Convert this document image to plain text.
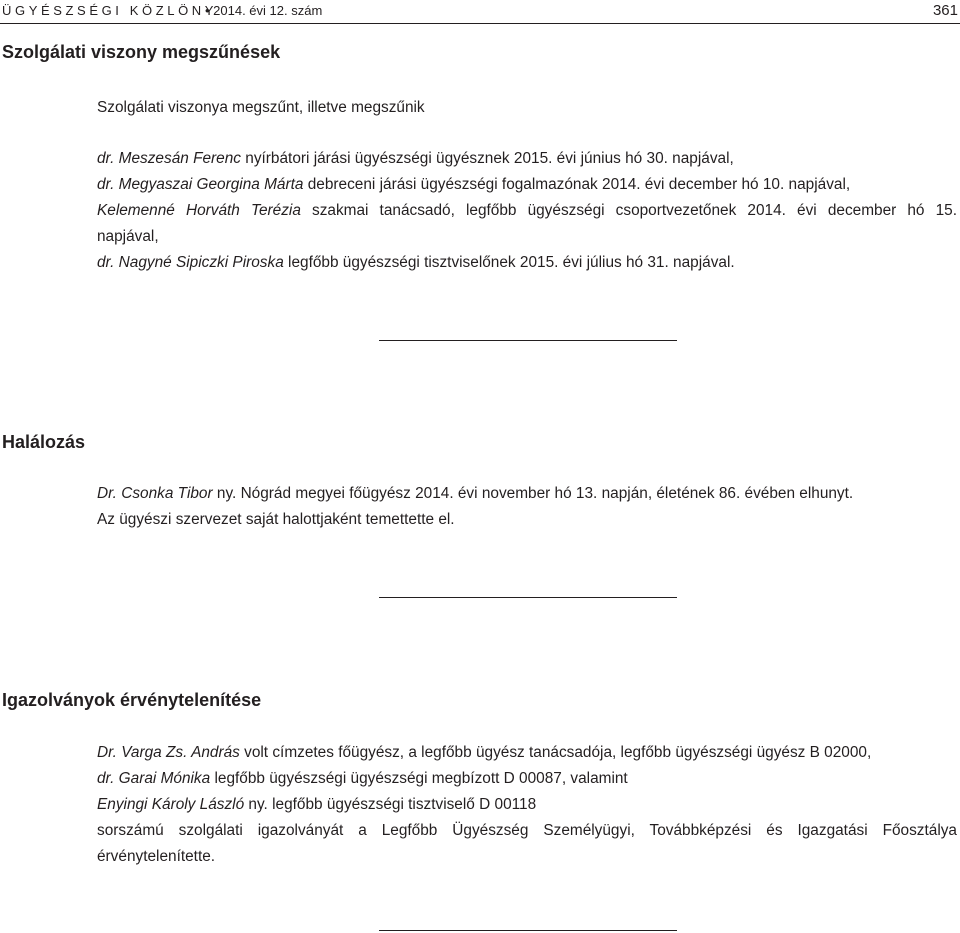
ÜGYÉSZSÉGI KÖZLÖNY
• 2014. évi 12. szám	361
Szolgálati viszony megszűnések
Szolgálati viszonya megszűnt, illetve megszűnik
dr. Meszesán Ferenc nyírbátori járási ügyészségi ügyésznek 2015. évi június hó 30. napjával,
dr. Megyaszai Georgina Márta debreceni járási ügyészségi fogalmazónak 2014. évi december hó 10. napjával,
Kelemenné Horváth Terézia szakmai tanácsadó, legfőbb ügyészségi csoportvezetőnek 2014. évi december hó 15.
napjával,
dr. Nagyné Sipiczki Piroska legfőbb ügyészségi tisztviselőnek 2015. évi július hó 31. napjával.
Halálozás
Dr. Csonka Tibor ny. Nógrád megyei főügyész 2014. évi november hó 13. napján, életének 86. évében elhunyt.
Az ügyészi szervezet saját halottjaként temettette el.
Igazolványok érvénytelenítése
Dr. Varga Zs. András volt címzetes főügyész, a legfőbb ügyész tanácsadója, legfőbb ügyészségi ügyész B 02000,
dr. Garai Mónika legfőbb ügyészségi ügyészségi megbízott D 00087, valamint
Enyingi Károly László ny. legfőbb ügyészségi tisztviselő D 00118
sorszámú szolgálati igazolványát a Legfőbb Ügyészség Személyügyi, Továbbképzési és Igazgatási Főosztálya
érvénytelenítette.
